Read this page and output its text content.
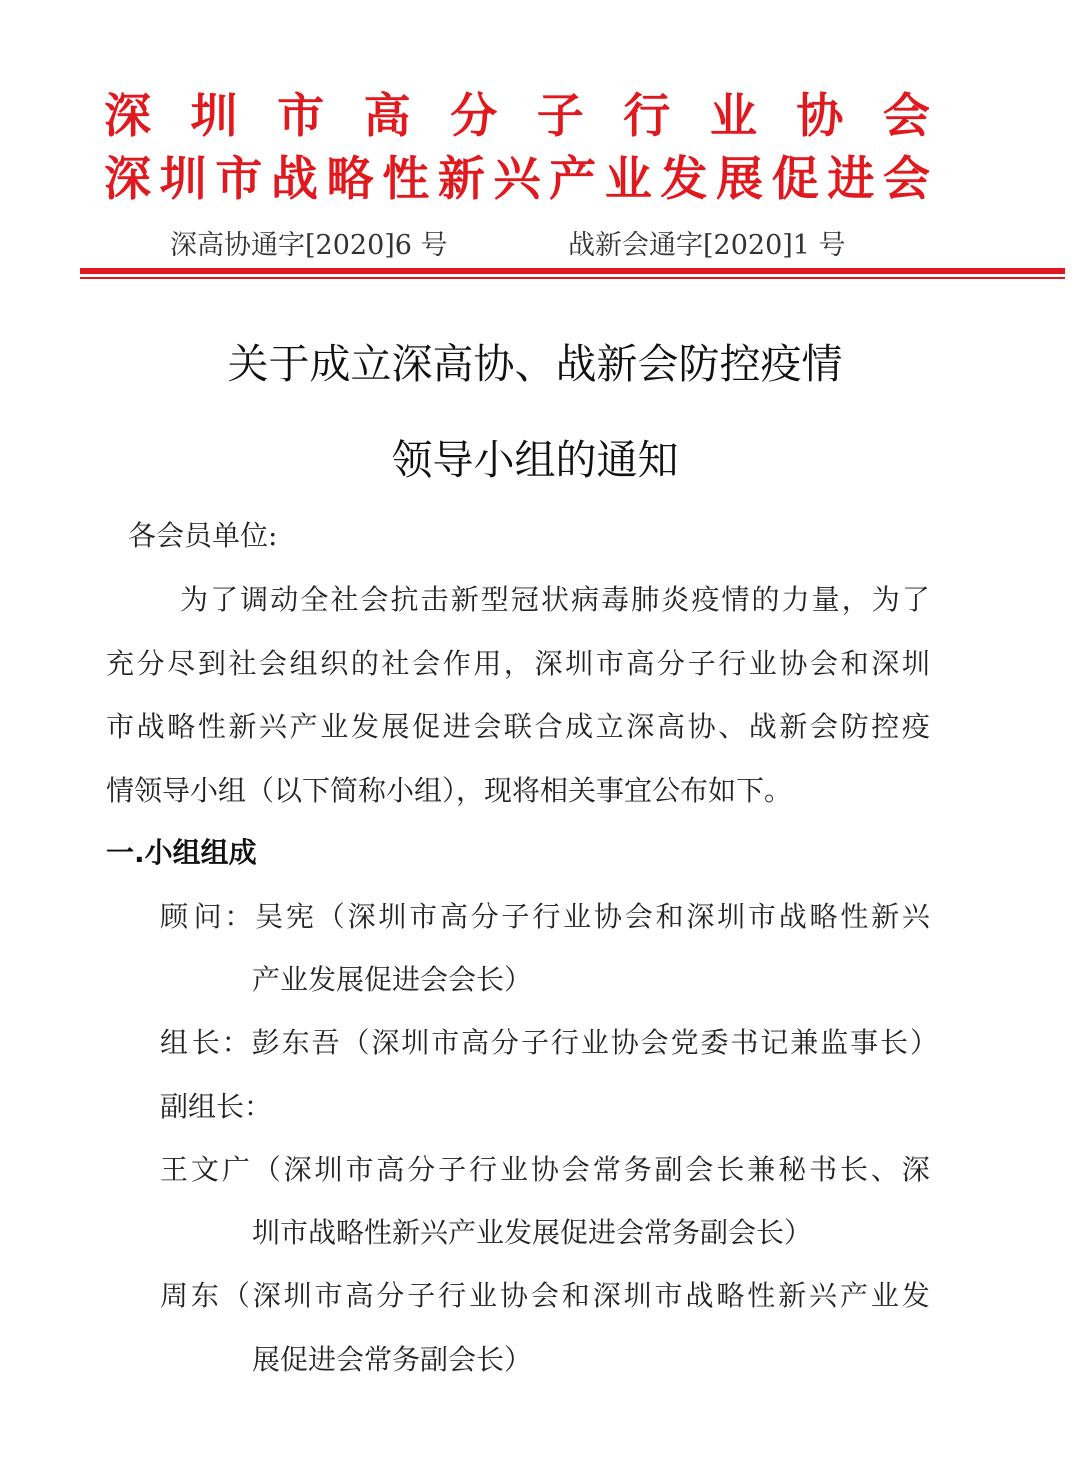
深 圳 市 高 分 子 行 业 协 会
深 圳 市 战 略 性 新 兴 产 业 发 展 促 进 会
深高协通字[2020]6 号	战新会通字[2020]1 号
关于成立深高协、战新会防控疫情
领导小组的通知
各会员单位:
为 了 调 动 全 社 会 抗 击 新 型 冠 状 病 毒 肺 炎 疫 情 的 力 量 ， 为 了
充 分 尽 到 社 会 组 织 的 社 会 作 用 ， 深 圳 市 高 分 子 行 业 协 会 和 深 圳
市 战 略 性 新 兴 产 业 发 展 促 进 会 联 合 成 立 深 高 协 、 战 新 会 防 控 疫
情领导小组（以下简称小组），现将相关事宜公布如下。
一.小组组成
顾 问 ： 吴 宪 （ 深 圳 市 高 分 子 行 业 协 会 和 深 圳 市 战 略 性 新 兴
产业发展促进会会长）
组 长 ： 彭 东 吾 （ 深 圳 市 高 分 子 行 业 协 会 党 委 书 记 兼 监 事 长 ）
副组长：
王 文 广 （ 深 圳 市 高 分 子 行 业 协 会 常 务 副 会 长 兼 秘 书 长 、 深
圳市战略性新兴产业发展促进会常务副会长）
周 东 （ 深 圳 市 高 分 子 行 业 协 会 和 深 圳 市 战 略 性 新 兴 产 业 发
展促进会常务副会长）
